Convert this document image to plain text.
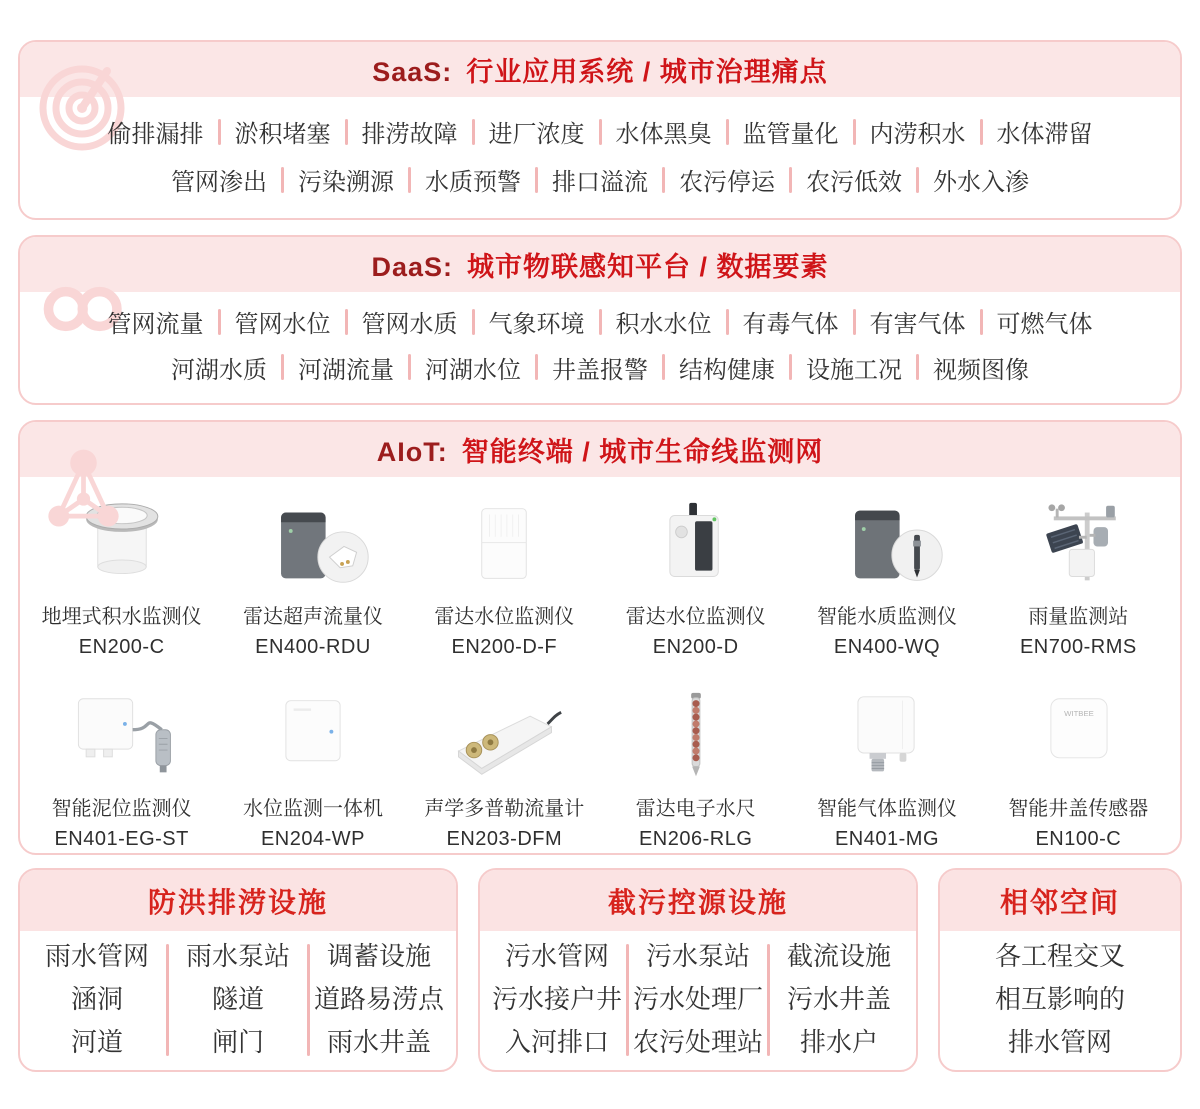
SaaS: 行业应用系统 / 城市治理痛点
偷排漏排 淤积堵塞 排涝故障 进厂浓度 水体黑臭 监管量化 内涝积水 水体滞留
管网渗出 污染溯源 水质预警 排口溢流 农污停运 农污低效 外水入渗
DaaS: 城市物联感知平台 / 数据要素
管网流量 管网水位 管网水质 气象环境 积水水位 有毒气体 有害气体 可燃气体
河湖水质 河湖流量 河湖水位 井盖报警 结构健康 设施工况 视频图像
AIoT: 智能终端 / 城市生命线监测网
地埋式积水监测仪
EN200-C
雷达超声流量仪
EN400-RDU
雷达水位监测仪
EN200-D-F
雷达水位监测仪
EN200-D
智能水质监测仪
EN400-WQ
雨量监测站
EN700-RMS
智能泥位监测仪
EN401-EG-ST
水位监测一体机
EN204-WP
声学多普勒流量计
EN203-DFM
雷达电子水尺
EN206-RLG
智能气体监测仪
EN401-MG
WITBEE
智能井盖传感器
EN100-C
防洪排涝设施
雨水管网
涵洞
河道
雨水泵站
隧道
闸门
调蓄设施
道路易涝点
雨水井盖
截污控源设施
污水管网
污水接户井
入河排口
污水泵站
污水处理厂
农污处理站
截流设施
污水井盖
排水户
相邻空间
各工程交叉
相互影响的
排水管网
